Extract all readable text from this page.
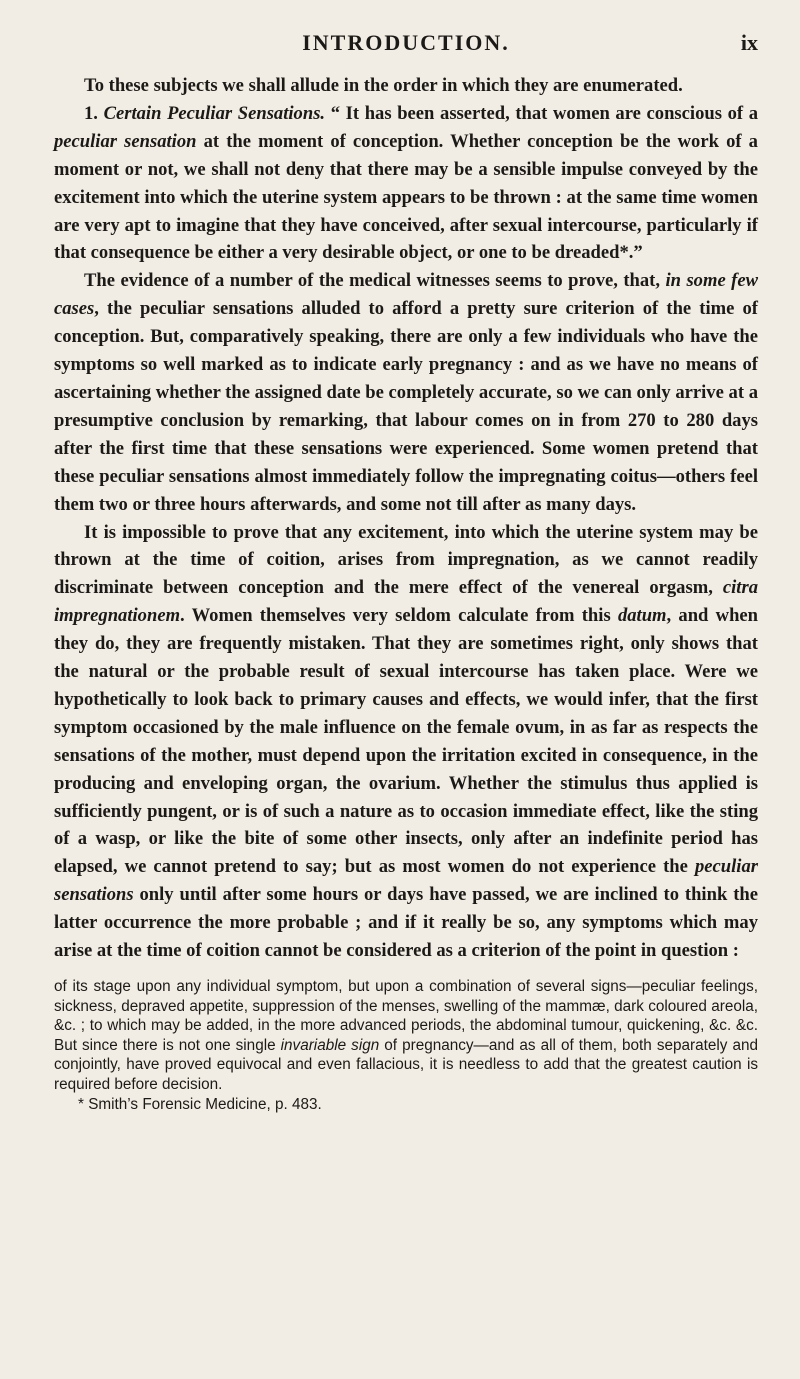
INTRODUCTION.	ix

To these subjects we shall allude in the order in which they are enumerated.

1. Certain Peculiar Sensations. “ It has been asserted, that women are conscious of a peculiar sensation at the moment of conception. Whether conception be the work of a moment or not, we shall not deny that there may be a sensible impulse conveyed by the excitement into which the uterine system appears to be thrown : at the same time women are very apt to imagine that they have conceived, after sexual intercourse, particularly if that consequence be either a very desirable object, or one to be dreaded*.”

The evidence of a number of the medical witnesses seems to prove, that, in some few cases, the peculiar sensations alluded to afford a pretty sure criterion of the time of conception. But, comparatively speaking, there are only a few individuals who have the symptoms so well marked as to indicate early pregnancy : and as we have no means of ascertaining whether the assigned date be completely accurate, so we can only arrive at a presumptive conclusion by remarking, that labour comes on in from 270 to 280 days after the first time that these sensations were experienced. Some women pretend that these peculiar sensations almost immediately follow the impregnating coitus—others feel them two or three hours afterwards, and some not till after as many days.

It is impossible to prove that any excitement, into which the uterine system may be thrown at the time of coition, arises from impregnation, as we cannot readily discriminate between conception and the mere effect of the venereal orgasm, citra impregnationem. Women themselves very seldom calculate from this datum, and when they do, they are frequently mistaken. That they are sometimes right, only shows that the natural or the probable result of sexual intercourse has taken place. Were we hypothetically to look back to primary causes and effects, we would infer, that the first symptom occasioned by the male influence on the female ovum, in as far as respects the sensations of the mother, must depend upon the irritation excited in consequence, in the producing and enveloping organ, the ovarium. Whether the stimulus thus applied is sufficiently pungent, or is of such a nature as to occasion immediate effect, like the sting of a wasp, or like the bite of some other insects, only after an indefinite period has elapsed, we cannot pretend to say; but as most women do not experience the peculiar sensations only until after some hours or days have passed, we are inclined to think the latter occurrence the more probable ; and if it really be so, any symptoms which may arise at the time of coition cannot be considered as a criterion of the point in question :

of its stage upon any individual symptom, but upon a combination of several signs—peculiar feelings, sickness, depraved appetite, suppression of the menses, swelling of the mammæ, dark coloured areola, &c. ; to which may be added, in the more advanced periods, the abdominal tumour, quickening, &c. &c. But since there is not one single invariable sign of pregnancy—and as all of them, both separately and conjointly, have proved equivocal and even fallacious, it is needless to add that the greatest caution is required before decision.

* Smith’s Forensic Medicine, p. 483.
